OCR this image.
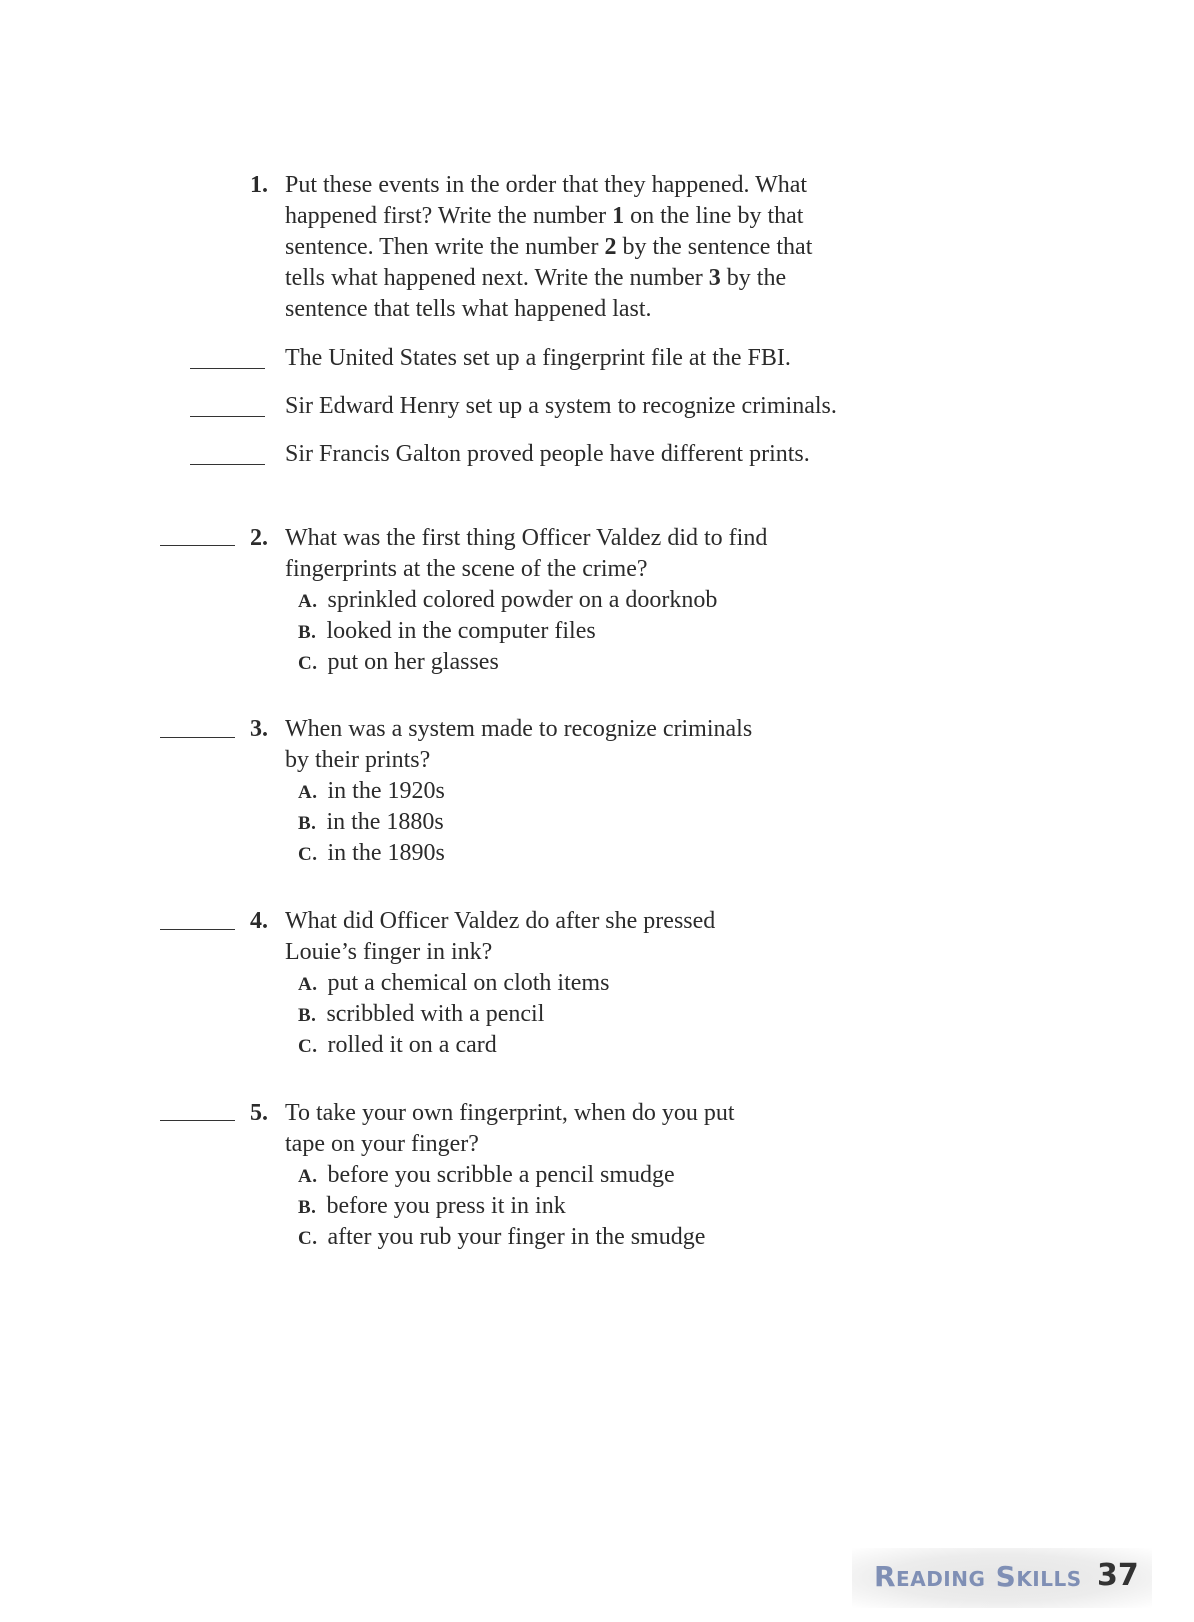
1. Put these events in the order that they happened. What
happened first? Write the number 1 on the line by that
sentence. Then write the number 2 by the sentence that
tells what happened next. Write the number 3 by the
sentence that tells what happened last.
The United States set up a fingerprint file at the FBI.
Sir Edward Henry set up a system to recognize criminals.
Sir Francis Galton proved people have different prints.
2. What was the first thing Officer Valdez did to find
fingerprints at the scene of the crime?
A. sprinkled colored powder on a doorknob
B. looked in the computer files
C. put on her glasses
3. When was a system made to recognize criminals
by their prints?
A. in the 1920s
B. in the 1880s
C. in the 1890s
4. What did Officer Valdez do after she pressed
Louie’s finger in ink?
A. put a chemical on cloth items
B. scribbled with a pencil
C. rolled it on a card
5. To take your own fingerprint, when do you put
tape on your finger?
A. before you scribble a pencil smudge
B. before you press it in ink
C. after you rub your finger in the smudge
Reading Skills 37
